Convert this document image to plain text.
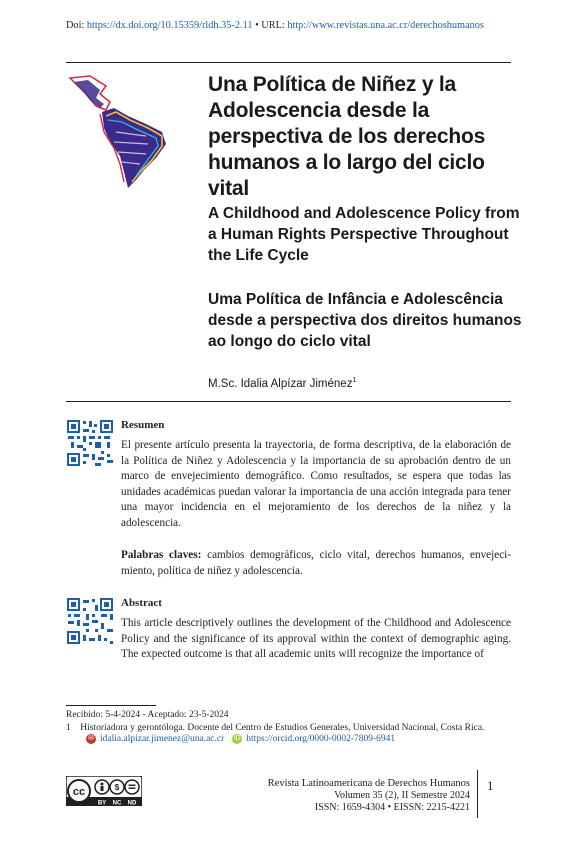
Doi: https://dx.doi.org/10.15359/rldh.35-2.11 • URL: http://www.revistas.una.ac.cr/derechoshumanos
Una Política de Niñez y la Adolescencia desde la perspectiva de los derechos humanos a lo largo del ciclo vital
A Childhood and Adolescence Policy from a Human Rights Perspective Throughout the Life Cycle
Uma Política de Infância e Adolescência desde a perspectiva dos direitos humanos ao longo do ciclo vital
M.Sc. Idalia Alpízar Jiménez$^1$
Resumen
El presente artículo presenta la trayectoria, de forma descriptiva, de la elaboración de la Política de Niñez y Adolescencia y la importancia de su aprobación dentro de un marco de envejecimiento demográfico. Como resultados, se espera que todas las unidades académicas puedan valorar la importancia de una acción integrada para tener una mayor incidencia en el mejoramiento de los derechos de la niñez y la adolescencia.
Palabras claves: cambios demográficos, ciclo vital, derechos humanos, envejeci-miento, política de niñez y adolescencia.
Abstract
This article descriptively outlines the development of the Childhood and Adolescence Policy and the significance of its approval within the context of demographic aging. The expected outcome is that all academic units will recognize the importance of
Recibido: 5-4-2024 - Aceptado: 23-5-2024
1 Historiadora y gerontóloga. Docente del Centro de Estudios Generales, Universidad Nacional, Costa Rica.
✉ idalia.alpizar.jimenez@una.ac.cr iD https://orcid.org/0000-0002-7809-6941
$
cc
BY NC ND
Revista Latinoamericana de Derechos Humanos
Volumen 35 (2), II Semestre 2024
ISSN: 1659-4304 • EISSN: 2215-4221
1
